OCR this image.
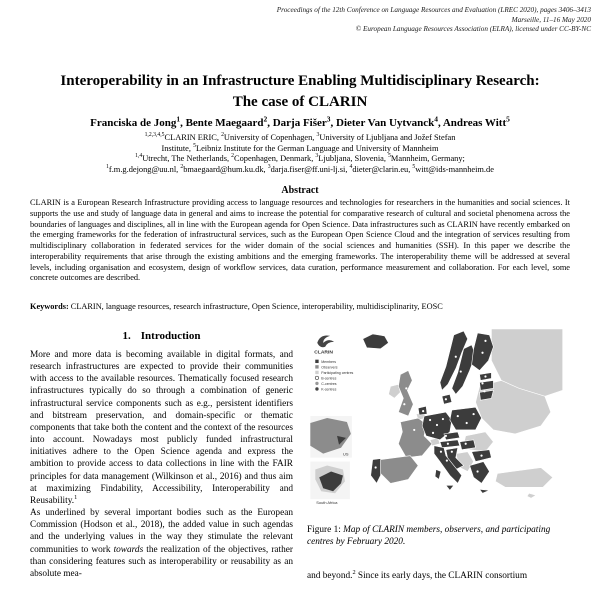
Proceedings of the 12th Conference on Language Resources and Evaluation (LREC 2020), pages 3406–3413
Marseille, 11–16 May 2020
© European Language Resources Association (ELRA), licensed under CC-BY-NC
Interoperability in an Infrastructure Enabling Multidisciplinary Research:
The case of CLARIN
Franciska de Jong$^1$, Bente Maegaard$^2$, Darja Fišer$^3$, Dieter Van Uytvanck$^4$, Andreas Witt$^5$
$^{1,2,3,4,5}$CLARIN ERIC, $^2$University of Copenhagen, $^3$University of Ljubljana and Jožef Stefan
Institute, $^5$Leibniz Institute for the German Language and University of Mannheim
$^{1,4}$Utrecht, The Netherlands, $^2$Copenhagen, Denmark, $^3$Ljubljana, Slovenia, $^5$Mannheim, Germany;
$^1$f.m.g.dejong@uu.nl, $^2$bmaegaard@hum.ku.dk, $^3$darja.fiser@ff.uni-lj.si, $^4$dieter@clarin.eu, $^5$witt@ids-mannheim.de
Abstract
CLARIN is a European Research Infrastructure providing access to language resources and technologies for researchers in the humanities and social sciences. It supports the use and study of language data in general and aims to increase the potential for comparative research of cultural and societal phenomena across the boundaries of languages and disciplines, all in line with the European agenda for Open Science. Data infrastructures such as CLARIN have recently embarked on the emerging frameworks for the federation of infrastructural services, such as the European Open Science Cloud and the integration of services resulting from multidisciplinary collaboration in federated services for the wider domain of the social sciences and humanities (SSH). In this paper we describe the interoperability requirements that arise through the existing ambitions and the emerging frameworks. The interoperability theme will be addressed at several levels, including organisation and ecosystem, design of workflow services, data curation, performance measurement and collaboration. For each level, some concrete outcomes are described.
Keywords: CLARIN, language resources, research infrastructure, Open Science, interoperability, multidisciplinarity, EOSC
1. Introduction

More and more data is becoming available in digital formats, and research infrastructures are expected to provide their communities with access to the available resources. Thematically focused research infrastructures typically do so through a combination of generic infrastructural service components such as e.g., persistent identifiers and bitstream preservation, and domain-specific or thematic components that take both the content and the context of the resources into account. Nowadays most publicly funded infrastructural initiatives adhere to the Open Science agenda and express the ambition to provide access to data collections in line with the FAIR principles for data management (Wilkinson et al., 2016) and thus aim at maximizing Findability, Accessibility, Interoperability and Reusability.$^1$

As underlined by several important bodies such as the European Commission (Hodson et al., 2018), the added value in such agendas and the underlying values in the way they stimulate the relevant communities to work towards the realization of the objectives, rather than considering features such as interoperability or reusability as an absolute mea-

CLARIN
Members
Observers
Participating centres
B-centres
C-centres
K-centres
US
South Africa
Figure 1: Map of CLARIN members, observers, and participating centres by February 2020.

and beyond.$^2$ Since its early days, the CLARIN consortium
